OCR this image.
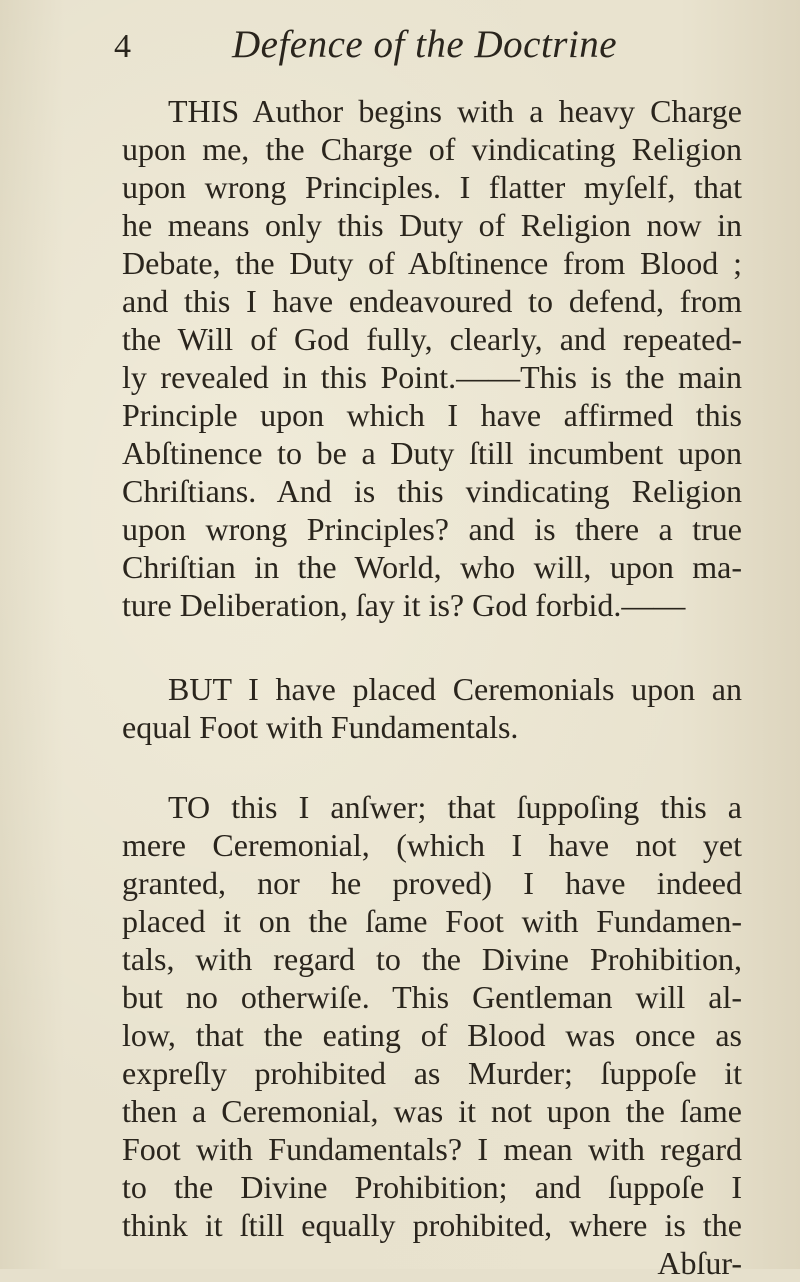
4	Defence of the Doctrine
THIS Author begins with a heavy Charge
upon me, the Charge of vindicating Religion
upon wrong Principles. I flatter myſelf, that
he means only this Duty of Religion now in
Debate, the Duty of Abſtinence from Blood ;
and this I have endeavoured to defend, from
the Will of God fully, clearly, and repeated-
ly revealed in this Point.——This is the main
Principle upon which I have affirmed this
Abſtinence to be a Duty ſtill incumbent upon
Chriſtians. And is this vindicating Religion
upon wrong Principles? and is there a true
Chriſtian in the World, who will, upon ma-
ture Deliberation, ſay it is? God forbid.——
BUT I have placed Ceremonials upon an
equal Foot with Fundamentals.
TO this I anſwer; that ſuppoſing this a
mere Ceremonial, (which I have not yet
granted, nor he proved) I have indeed
placed it on the ſame Foot with Fundamen-
tals, with regard to the Divine Prohibition,
but no otherwiſe. This Gentleman will al-
low, that the eating of Blood was once as
expreſly prohibited as Murder; ſuppoſe it
then a Ceremonial, was it not upon the ſame
Foot with Fundamentals? I mean with regard
to the Divine Prohibition; and ſuppoſe I
think it ſtill equally prohibited, where is the
Abſur-
